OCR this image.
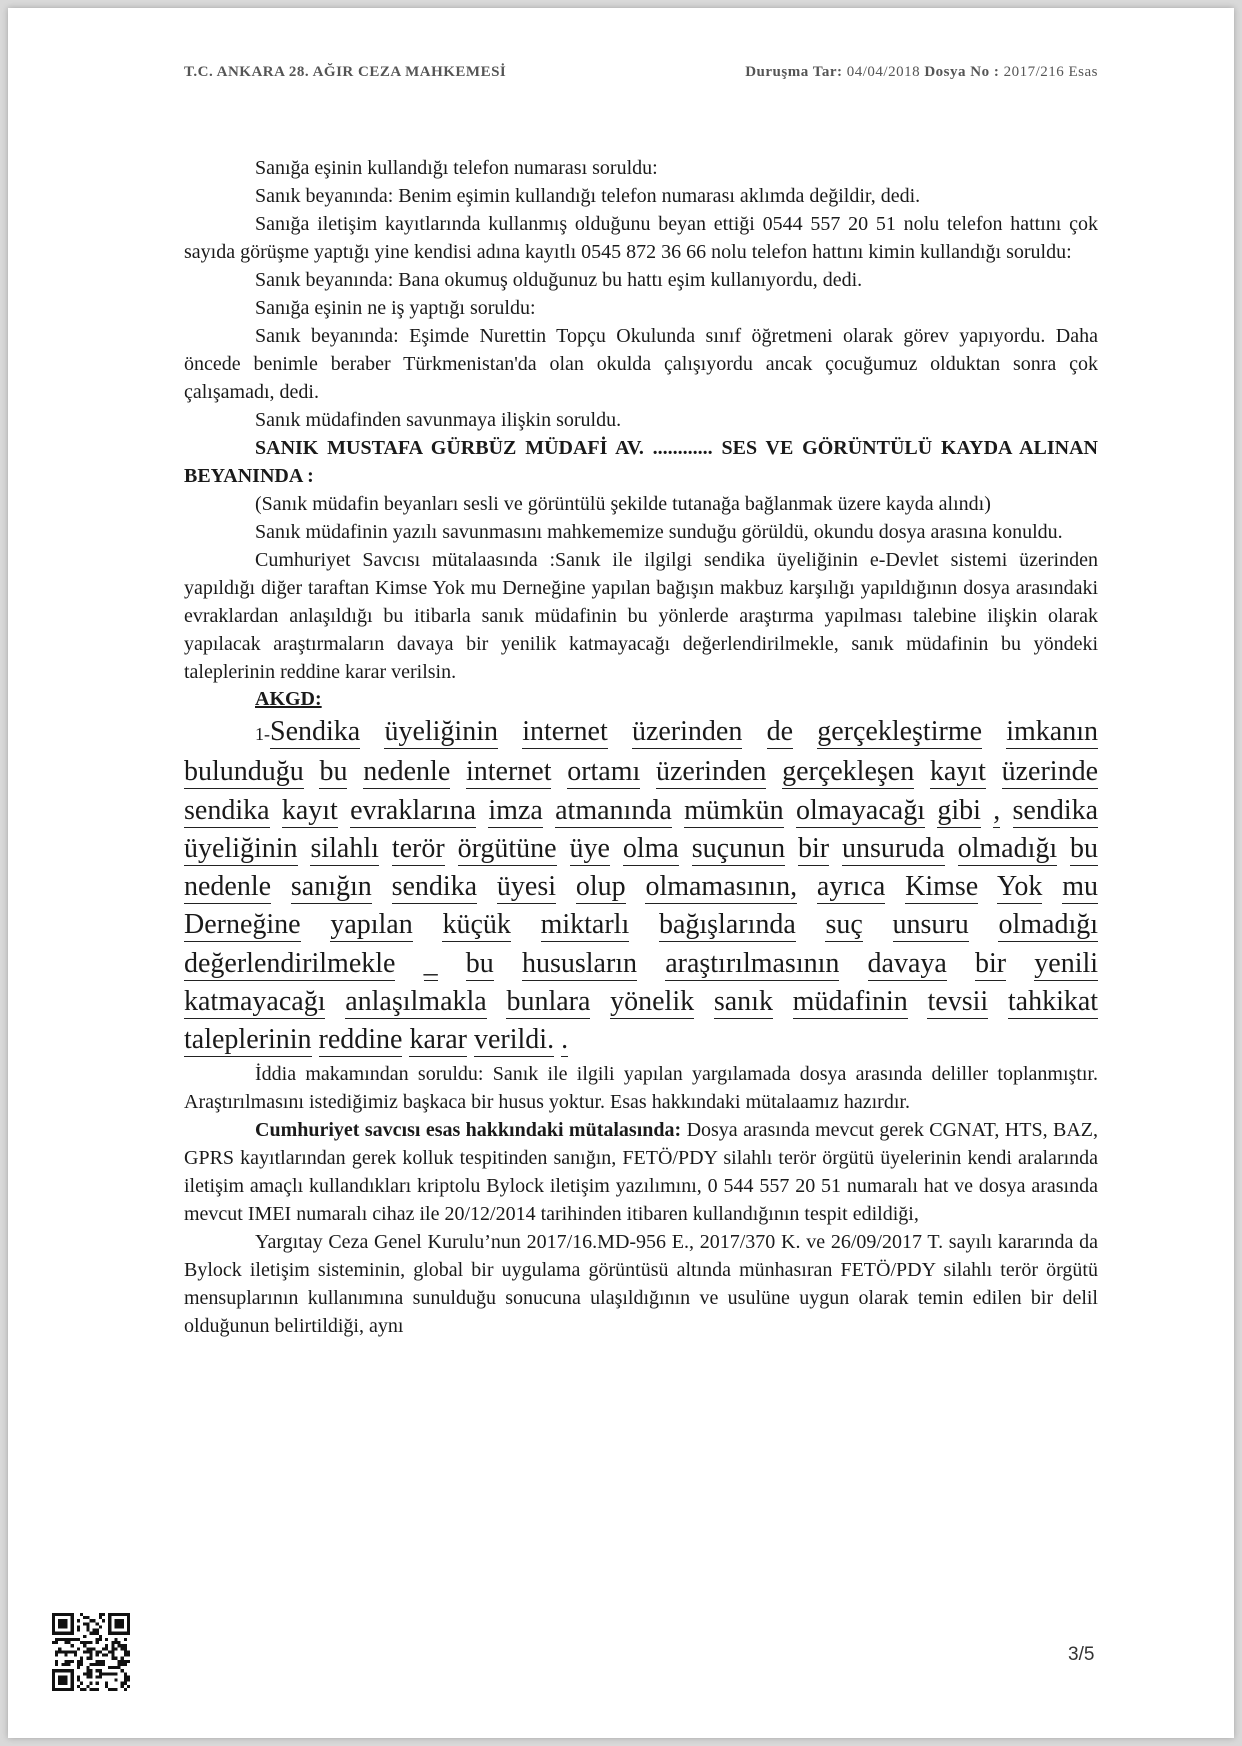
T.C. ANKARA 28. AĞIR CEZA MAHKEMESİ	Duruşma Tar: 04/04/2018 Dosya No : 2017/216 Esas

Sanığa eşinin kullandığı telefon numarası soruldu:

Sanık beyanında: Benim eşimin kullandığı telefon numarası aklımda değildir, dedi.

Sanığa iletişim kayıtlarında kullanmış olduğunu beyan ettiği 0544 557 20 51 nolu telefon hattını çok sayıda görüşme yaptığı yine kendisi adına kayıtlı 0545 872 36 66 nolu telefon hattını kimin kullandığı soruldu:

Sanık beyanında: Bana okumuş olduğunuz bu hattı eşim kullanıyordu, dedi.

Sanığa eşinin ne iş yaptığı soruldu:

Sanık beyanında: Eşimde Nurettin Topçu Okulunda sınıf öğretmeni olarak görev yapıyordu. Daha öncede benimle beraber Türkmenistan'da olan okulda çalışıyordu ancak çocuğumuz olduktan sonra çok çalışamadı, dedi.

Sanık müdafinden savunmaya ilişkin soruldu.

SANIK MUSTAFA GÜRBÜZ MÜDAFİ AV. ............ SES VE GÖRÜNTÜLÜ KAYDA ALINAN BEYANINDA :

(Sanık müdafin beyanları sesli ve görüntülü şekilde tutanağa bağlanmak üzere kayda alındı)

Sanık müdafinin yazılı savunmasını mahkememize sunduğu görüldü, okundu dosya arasına konuldu.

Cumhuriyet Savcısı mütalaasında :Sanık ile ilgilgi sendika üyeliğinin e-Devlet sistemi üzerinden yapıldığı diğer taraftan Kimse Yok mu Derneğine yapılan bağışın makbuz karşılığı yapıldığının dosya arasındaki evraklardan anlaşıldığı bu itibarla sanık müdafinin bu yönlerde araştırma yapılması talebine ilişkin olarak yapılacak araştırmaların davaya bir yenilik katmayacağı değerlendirilmekle, sanık müdafinin bu yöndeki taleplerinin reddine karar verilsin.

AKGD:

1-Sendika üyeliğinin internet üzerinden de gerçekleştirme imkanın bulunduğu bu nedenle internet ortamı üzerinden gerçekleşen kayıt üzerinde sendika kayıt evraklarına imza atmanında mümkün olmayacağı gibi , sendika üyeliğinin silahlı terör örgütüne üye olma suçunun bir unsuruda olmadığı bu nedenle sanığın sendika üyesi olup olmamasının, ayrıca Kimse Yok mu Derneğine yapılan küçük miktarlı bağışlarında suç unsuru olmadığı değerlendirilmekle _ bu hususların araştırılmasının davaya bir yenili katmayacağı anlaşılmakla bunlara yönelik sanık müdafinin tevsii tahkikat taleplerinin reddine karar verildi. .

İddia makamından soruldu: Sanık ile ilgili yapılan yargılamada dosya arasında deliller toplanmıştır. Araştırılmasını istediğimiz başkaca bir husus yoktur. Esas hakkındaki mütalaamız hazırdır.

Cumhuriyet savcısı esas hakkındaki mütalasında: Dosya arasında mevcut gerek CGNAT, HTS, BAZ, GPRS kayıtlarından gerek kolluk tespitinden sanığın, FETÖ/PDY silahlı terör örgütü üyelerinin kendi aralarında iletişim amaçlı kullandıkları kriptolu Bylock iletişim yazılımını, 0 544 557 20 51 numaralı hat ve dosya arasında mevcut IMEI numaralı cihaz ile 20/12/2014 tarihinden itibaren kullandığının tespit edildiği,

Yargıtay Ceza Genel Kurulu’nun 2017/16.MD-956 E., 2017/370 K. ve 26/09/2017 T. sayılı kararında da Bylock iletişim sisteminin, global bir uygulama görüntüsü altında münhasıran FETÖ/PDY silahlı terör örgütü mensuplarının kullanımına sunulduğu sonucuna ulaşıldığının ve usulüne uygun olarak temin edilen bir delil olduğunun belirtildiği, aynı

3/5
